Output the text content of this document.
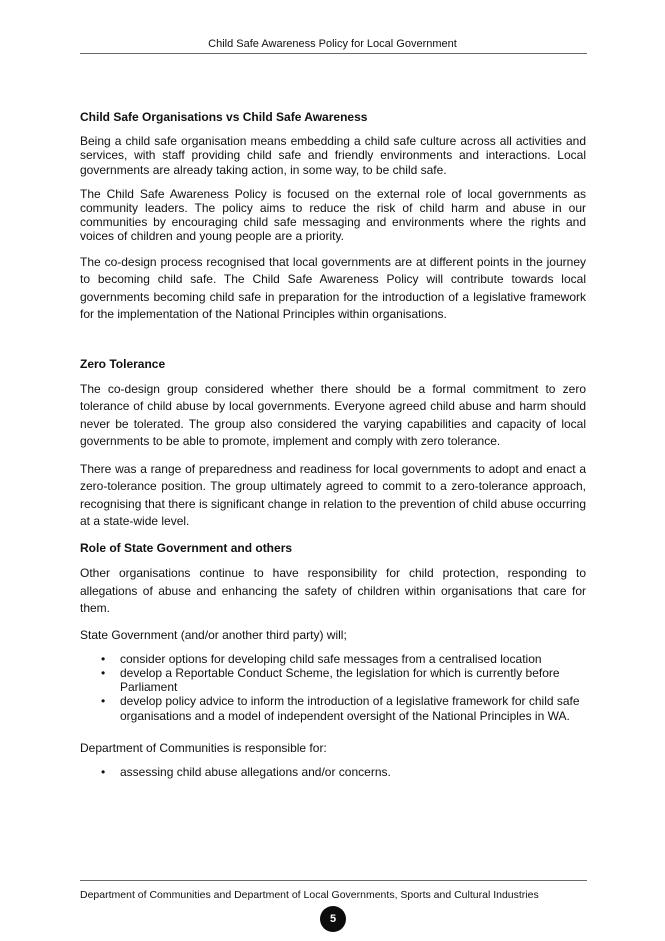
Child Safe Awareness Policy for Local Government
Child Safe Organisations vs Child Safe Awareness

Being a child safe organisation means embedding a child safe culture across all activities and services, with staff providing child safe and friendly environments and interactions. Local governments are already taking action, in some way, to be child safe.

The Child Safe Awareness Policy is focused on the external role of local governments as community leaders. The policy aims to reduce the risk of child harm and abuse in our communities by encouraging child safe messaging and environments where the rights and voices of children and young people are a priority.

The co-design process recognised that local governments are at different points in the journey to becoming child safe. The Child Safe Awareness Policy will contribute towards local governments becoming child safe in preparation for the introduction of a legislative framework for the implementation of the National Principles within organisations.

Zero Tolerance

The co-design group considered whether there should be a formal commitment to zero tolerance of child abuse by local governments. Everyone agreed child abuse and harm should never be tolerated. The group also considered the varying capabilities and capacity of local governments to be able to promote, implement and comply with zero tolerance.

There was a range of preparedness and readiness for local governments to adopt and enact a zero-tolerance position. The group ultimately agreed to commit to a zero-tolerance approach, recognising that there is significant change in relation to the prevention of child abuse occurring at a state-wide level.

Role of State Government and others

Other organisations continue to have responsibility for child protection, responding to allegations of abuse and enhancing the safety of children within organisations that care for them.

State Government (and/or another third party) will;

• consider options for developing child safe messages from a centralised location
• develop a Reportable Conduct Scheme, the legislation for which is currently before Parliament
• develop policy advice to inform the introduction of a legislative framework for child safe organisations and a model of independent oversight of the National Principles in WA.

Department of Communities is responsible for:

• assessing child abuse allegations and/or concerns.
Department of Communities and Department of Local Governments, Sports and Cultural Industries
5
